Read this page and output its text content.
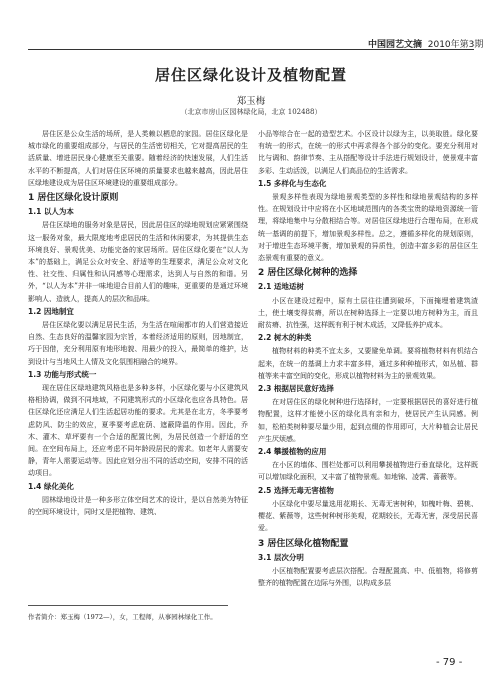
中国园艺文摘 2010年第3期
居住区绿化设计及植物配置
郑玉梅
（北京市房山区园林绿化局，北京 102488）

居住区是公众生活的场所，是人类赖以栖息的家园。居住区绿化是城市绿化的重要组成部分，与居民的生活密切相关，它对提高居民的生活质量、增进居民身心健康至关重要。随着经济的快速发展，人们生活水平的不断提高，人们对居住区环境的质量要求也越来越高，因此居住区绿地建设成为居住区环境建设的重要组成部分。

1 居住区绿化设计原则
1.1 以人为本

居住区绿地的服务对象是居民，因此居住区的绿地规划应紧紧围绕这一服务对象，最大限度地考虑居民的生活和休闲要求，为其提供生态环境良好、景观优美、功能完备的家居场所。居住区绿化要在“以人为本”的基础上，满足公众对安全、舒适等的生理要求，满足公众对文化性、社交性、归属性和认同感等心理需求，达到人与自然的和谐。另外，“以人为本”并非一味地迎合目前人们的趣味，更重要的是通过环境影响人、造就人，提高人的层次和品味。

1.2 因地制宜

居住区绿化要以满足居民生活，为生活在喧闹都市的人们营造接近自然、生态良好的温馨家园为宗旨，本着经济适用的原则，因地制宜，巧于因借，充分利用原有地形地貌、用最少的投入，最简单的维护，达到设计与当地风土人情及文化氛围相融合的境界。

1.3 功能与形式统一

现在居住区绿地建筑风格也是多种多样，小区绿化要与小区建筑风格相协调，做到不同地域，不同建筑形式的小区绿化也应各具特色。居住区绿化还应满足人们生活起居功能的要求。尤其是在北方，冬季要考虑防风、防尘的效应，夏季要考虑庇荫、遮蔽降温的作用。因此，乔木、灌木、草坪要有一个合适的配置比例，为居民创造一个舒适的空间。在空间布局上，还应考虑不同年龄段居民的需求。如老年人需要安静，青年人需要运动等。因此应划分出不同的活动空间，安排不同的活动项目。

1.4 绿化美化

园林绿地设计是一种多形立体空间艺术的设计，是以自然美为特征的空间环境设计，同时又是把植物、建筑、

小品等综合在一起的造型艺术。小区设计以绿为主，以美取胜。绿化要有统一的形式，在统一的形式中再求得各个部分的变化。要充分利用对比与调和、韵律节奏、主从搭配等设计手法进行规划设计，使景观丰富多彩、生动活泼，以满足人们高品位的生活需求。

1.5 多样化与生态化

景观多样性表现为绿地景观类型的多样性和绿地景观结构的多样性。在规划设计中应将在小区地域范围内的各类宝贵的绿地资源统一管理，将绿地集中与分散相结合等。对居住区绿地进行合理布局，在形成统一基调的前提下，增加景观多样性。总之，遵循多样化的规划原则，对于增进生态环境平衡，增加景观的异质性，创造丰富多彩的居住区生态景观有重要的意义。

2 居住区绿化树种的选择
2.1 适地适树

小区在建设过程中，原有土层往往遭到破坏，下面掩埋着建筑渣土，使土壤变得贫瘠，所以在树种选择上一定要以地方树种为主，而且耐贫瘠、抗性强，这样既有利于树木成活，又降低养护成本。

2.2 树木的种类

植物材料的种类不宜太多，又要避免单调。要将植物材料有机结合起来，在统一的基调上力求丰富多样，通过多种种植形式，如丛植、群植等来丰富空间的变化，形成以植物材料为主的景观效果。

2.3 根据居民意好选择

在对居住区的绿化树种进行选择时，一定要根据居民的喜好进行植物配置，这样才能使小区的绿化具有亲和力，使居民产生认同感。例如，松柏类树种要尽量少用，起到点缀的作用即可，大片种植会让居民产生厌烦感。

2.4 攀援植物的应用

在小区的墙体、围栏处都可以利用攀援植物进行垂直绿化，这样既可以增加绿化面积，又丰富了植物景观。如地锦、凌霄、蔷薇等。

2.5 选择无毒无害植物

小区绿化中要尽量选用花期长、无毒无害树种，如槐叶梅、碧桃、樱花、紫薇等，这些树种树形美观，花期较长，无毒无害，深受居民喜爱。

3 居住区绿化植物配置
3.1 层次分明

小区植物配置要考虑层次搭配。合理配置高、中、低植物，将修剪整齐的植物配置在边际与外围，以构成多层

作者简介：郑玉梅（1972—），女，工程师，从事园林绿化工作。
- 79 -
